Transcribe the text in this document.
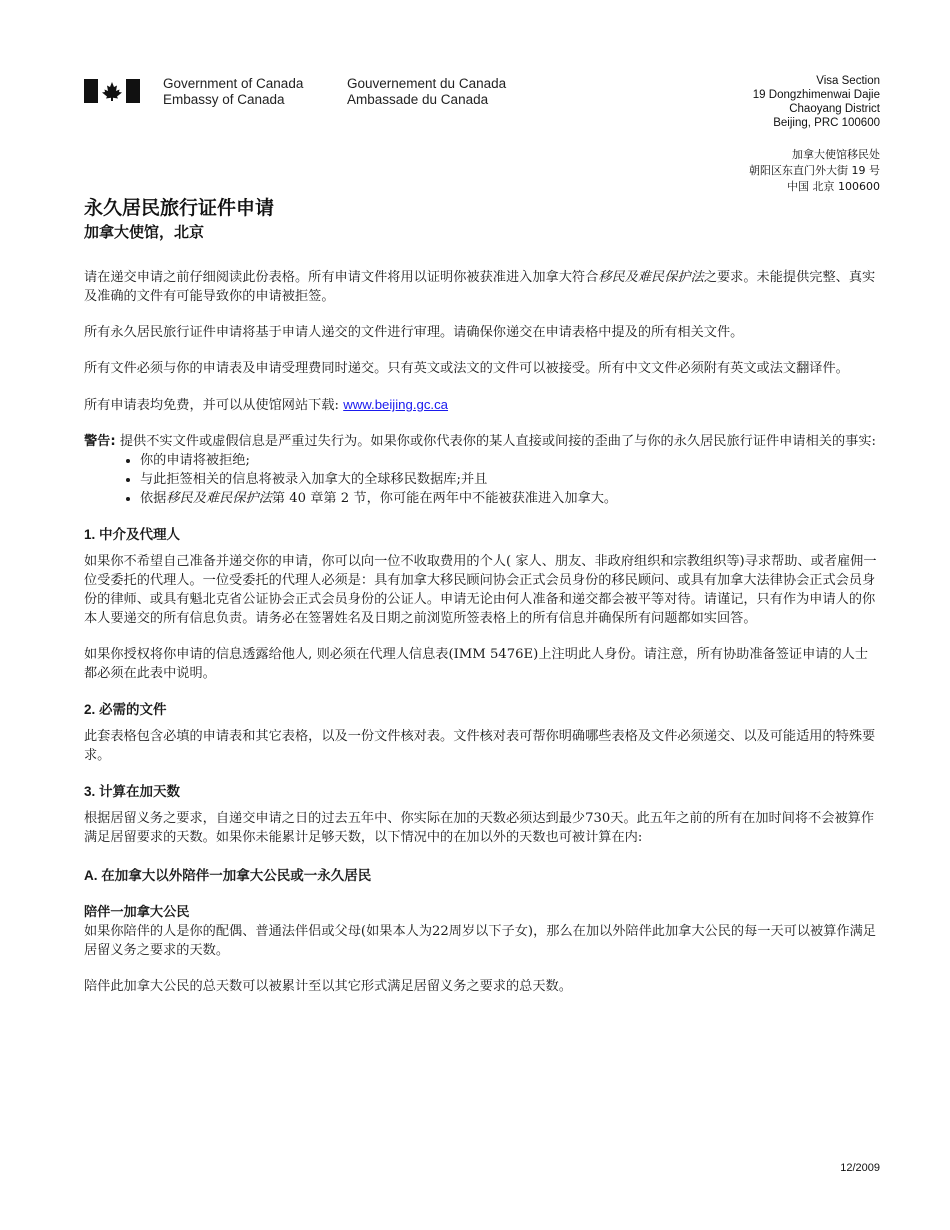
Government of Canada
Embassy of Canada
Gouvernement du Canada
Ambassade du Canada
Visa Section
19 Dongzhimenwai Dajie
Chaoyang District
Beijing, PRC 100600
加拿大使馆移民处
朝阳区东直门外大街 19 号
中国 北京 100600
永久居民旅行证件申请
加拿大使馆，北京

请在递交申请之前仔细阅读此份表格。所有申请文件将用以证明你被获准进入加拿大符合移民及难民保护法之要求。未能提供完整、真实及准确的文件有可能导致你的申请被拒签。

所有永久居民旅行证件申请将基于申请人递交的文件进行审理。请确保你递交在申请表格中提及的所有相关文件。

所有文件必须与你的申请表及申请受理费同时递交。只有英文或法文的文件可以被接受。所有中文文件必须附有英文或法文翻译件。

所有申请表均免费，并可以从使馆网站下载: www.beijing.gc.ca

警告: 提供不实文件或虚假信息是严重过失行为。如果你或你代表你的某人直接或间接的歪曲了与你的永久居民旅行证件申请相关的事实:

• 你的申请将被拒绝;
• 与此拒签相关的信息将被录入加拿大的全球移民数据库;并且
• 依据移民及难民保护法第 40 章第 2 节，你可能在两年中不能被获准进入加拿大。
1. 中介及代理人

如果你不希望自己准备并递交你的申请，你可以向一位不收取费用的个人( 家人、朋友、非政府组织和宗教组织等)寻求帮助、或者雇佣一位受委托的代理人。一位受委托的代理人必须是：具有加拿大移民顾问协会正式会员身份的移民顾问、或具有加拿大法律协会正式会员身份的律师、或具有魁北克省公证协会正式会员身份的公证人。申请无论由何人准备和递交都会被平等对待。请谨记，只有作为申请人的你本人要递交的所有信息负责。请务必在签署姓名及日期之前浏览所签表格上的所有信息并确保所有问题都如实回答。

如果你授权将你申请的信息透露给他人, 则必须在代理人信息表(IMM 5476E)上注明此人身份。请注意，所有协助准备签证申请的人士都必须在此表中说明。

2. 必需的文件

此套表格包含必填的申请表和其它表格，以及一份文件核对表。文件核对表可帮你明确哪些表格及文件必须递交、以及可能适用的特殊要求。

3. 计算在加天数

根据居留义务之要求，自递交申请之日的过去五年中、你实际在加的天数必须达到最少730天。此五年之前的所有在加时间将不会被算作满足居留要求的天数。如果你未能累计足够天数，以下情况中的在加以外的天数也可被计算在内:

A. 在加拿大以外陪伴一加拿大公民或一永久居民
陪伴一加拿大公民

如果你陪伴的人是你的配偶、普通法伴侣或父母(如果本人为22周岁以下子女)，那么在加以外陪伴此加拿大公民的每一天可以被算作满足居留义务之要求的天数。

陪伴此加拿大公民的总天数可以被累计至以其它形式满足居留义务之要求的总天数。

12/2009
